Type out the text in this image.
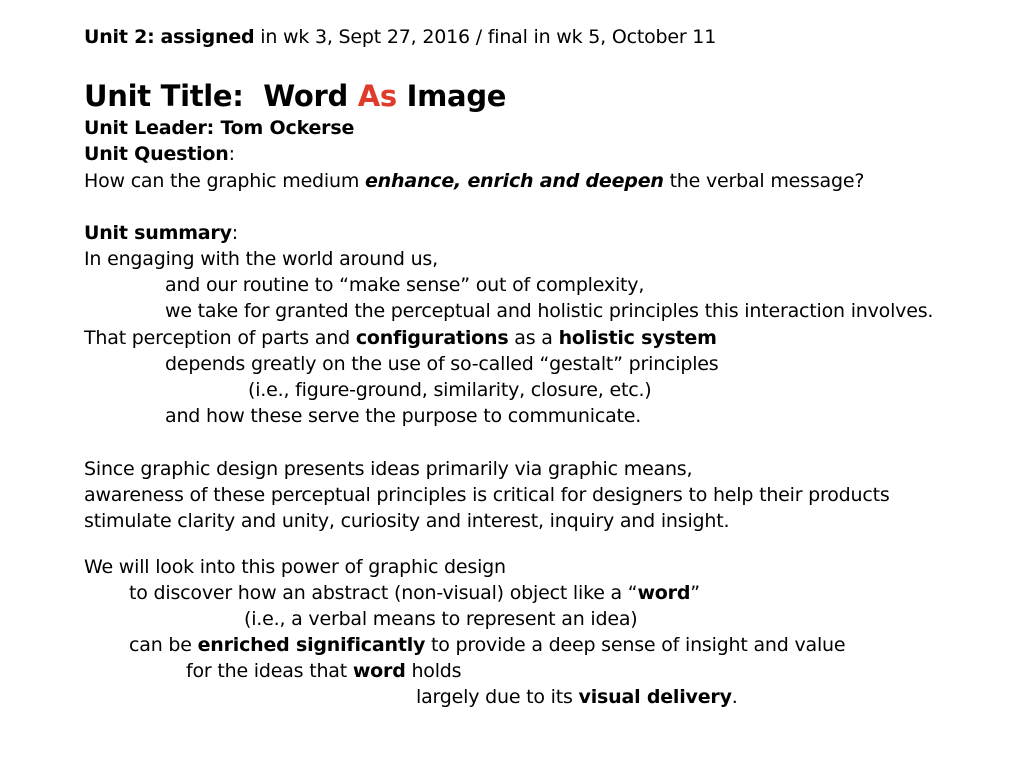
Unit 2: assigned in wk 3, Sept 27, 2016 / final in wk 5, October 11
Unit Title: Word As Image
Unit Leader: Tom Ockerse
Unit Question:
How can the graphic medium enhance, enrich and deepen the verbal message?
Unit summary:
In engaging with the world around us,
and our routine to “make sense” out of complexity,
we take for granted the perceptual and holistic principles this interaction involves.
That perception of parts and configurations as a holistic system
depends greatly on the use of so-called “gestalt” principles
(i.e., figure-ground, similarity, closure, etc.)
and how these serve the purpose to communicate.
Since graphic design presents ideas primarily via graphic means,
awareness of these perceptual principles is critical for designers to help their products
stimulate clarity and unity, curiosity and interest, inquiry and insight.
We will look into this power of graphic design
to discover how an abstract (non-visual) object like a “word”
(i.e., a verbal means to represent an idea)
can be enriched significantly to provide a deep sense of insight and value
for the ideas that word holds
largely due to its visual delivery.
